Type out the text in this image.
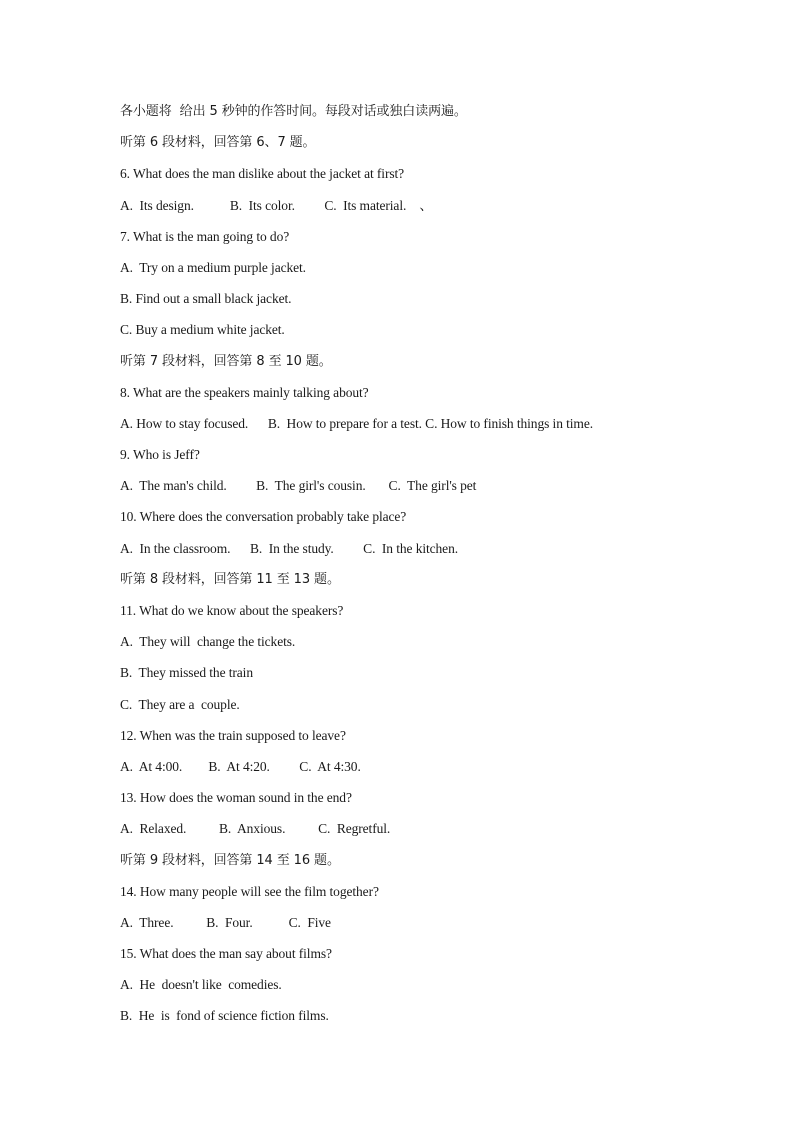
各小题将  给出 5 秒钟的作答时间。每段对话或独白读两遍。
听第 6 段材料，回答第 6、7 题。
6. What does the man dislike about the jacket at first?
A.  Its design.           B.  Its color.         C.  Its material.    、
7. What is the man going to do?
A.  Try on a medium purple jacket.
B. Find out a small black jacket.
C. Buy a medium white jacket.
听第 7 段材料，回答第 8 至 10 题。
8. What are the speakers mainly talking about?
A. How to stay focused.      B.  How to prepare for a test. C. How to finish things in time.
9. Who is Jeff?
A.  The man's child.         B.  The girl's cousin.       C.  The girl's pet
10. Where does the conversation probably take place?
A.  In the classroom.      B.  In the study.         C.  In the kitchen.
听第 8 段材料，回答第 11 至 13 题。
11. What do we know about the speakers?
A.  They will  change the tickets.
B.  They missed the train
C.  They are a  couple.
12. When was the train supposed to leave?
A.  At 4:00.        B.  At 4:20.         C.  At 4:30.
13. How does the woman sound in the end?
A.  Relaxed.          B.  Anxious.          C.  Regretful.
听第 9 段材料，回答第 14 至 16 题。
14. How many people will see the film together?
A.  Three.          B.  Four.           C.  Five
15. What does the man say about films?
A.  He  doesn't like  comedies.
B.  He  is  fond of science fiction films.
